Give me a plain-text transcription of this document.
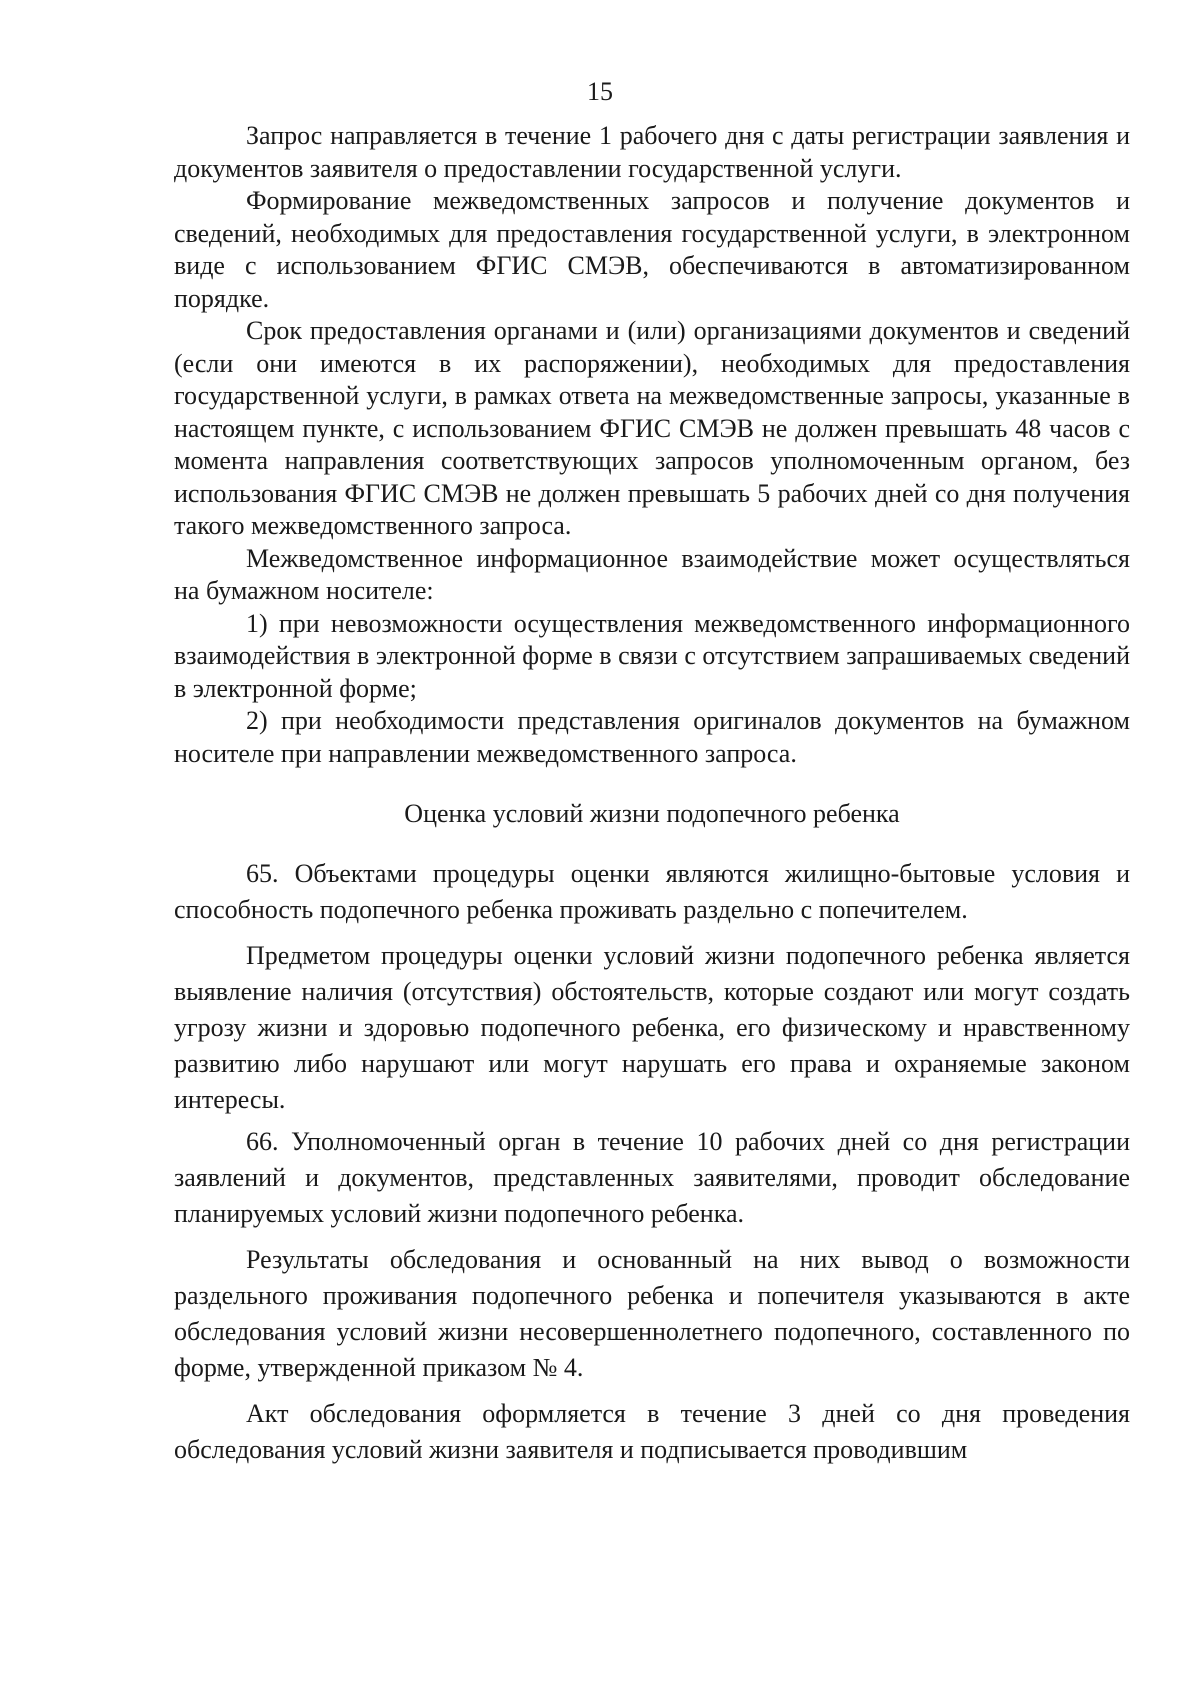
15

Запрос направляется в течение 1 рабочего дня с даты регистрации заявления и документов заявителя о предоставлении государственной услуги.

Формирование межведомственных запросов и получение документов и сведений, необходимых для предоставления государственной услуги, в электронном виде с использованием ФГИС СМЭВ, обеспечиваются в автоматизированном порядке.

Срок предоставления органами и (или) организациями документов и сведений (если они имеются в их распоряжении), необходимых для предоставления государственной услуги, в рамках ответа на межведомственные запросы, указанные в настоящем пункте, с использованием ФГИС СМЭВ не должен превышать 48 часов с момента направления соответствующих запросов уполномоченным органом, без использования ФГИС СМЭВ не должен превышать 5 рабочих дней со дня получения такого межведомственного запроса.

Межведомственное информационное взаимодействие может осуществляться на бумажном носителе:

1) при невозможности осуществления межведомственного информационного взаимодействия в электронной форме в связи с отсутствием запрашиваемых сведений в электронной форме;

2) при необходимости представления оригиналов документов на бумажном носителе при направлении межведомственного запроса.

Оценка условий жизни подопечного ребенка

65. Объектами процедуры оценки являются жилищно-бытовые условия и способность подопечного ребенка проживать раздельно с попечителем.

Предметом процедуры оценки условий жизни подопечного ребенка является выявление наличия (отсутствия) обстоятельств, которые создают или могут создать угрозу жизни и здоровью подопечного ребенка, его физическому и нравственному развитию либо нарушают или могут нарушать его права и охраняемые законом интересы.

66. Уполномоченный орган в течение 10 рабочих дней со дня регистрации заявлений и документов, представленных заявителями, проводит обследование планируемых условий жизни подопечного ребенка.

Результаты обследования и основанный на них вывод о возможности раздельного проживания подопечного ребенка и попечителя указываются в акте обследования условий жизни несовершеннолетнего подопечного, составленного по форме, утвержденной приказом № 4.

Акт обследования оформляется в течение 3 дней со дня проведения обследования условий жизни заявителя и подписывается проводившим
